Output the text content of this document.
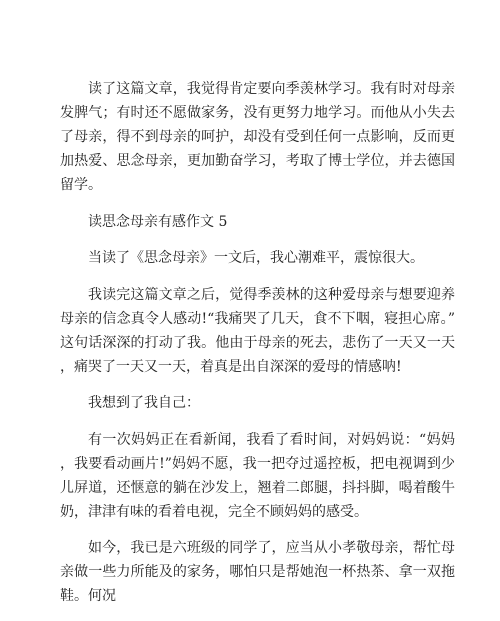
读了这篇文章，我觉得肯定要向季羡林学习。我有时对母亲发脾气；有时还不愿做家务，没有更努力地学习。而他从小失去了母亲，得不到母亲的呵护，却没有受到任何一点影响，反而更加热爱、思念母亲，更加勤奋学习，考取了博士学位，并去德国留学。

读思念母亲有感作文 5

当读了《思念母亲》一文后，我心潮难平，震惊很大。

我读完这篇文章之后，觉得季羡林的这种爱母亲与想要迎养母亲的信念真令人感动!“我痛哭了几天，食不下咽，寝担心席。”这句话深深的打动了我。他由于母亲的死去，悲伤了一天又一天，痛哭了一天又一天，着真是出自深深的爱母的情感呐!

我想到了我自己：

有一次妈妈正在看新闻，我看了看时间，对妈妈说：“妈妈，我要看动画片!”妈妈不愿，我一把夺过遥控板，把电视调到少儿屏道，还惬意的躺在沙发上，翘着二郎腿，抖抖脚，喝着酸牛奶，津津有味的看着电视，完全不顾妈妈的感受。

如今，我已是六班级的同学了，应当从小孝敬母亲，帮忙母亲做一些力所能及的家务，哪怕只是帮她泡一杯热茶、拿一双拖鞋。何况
